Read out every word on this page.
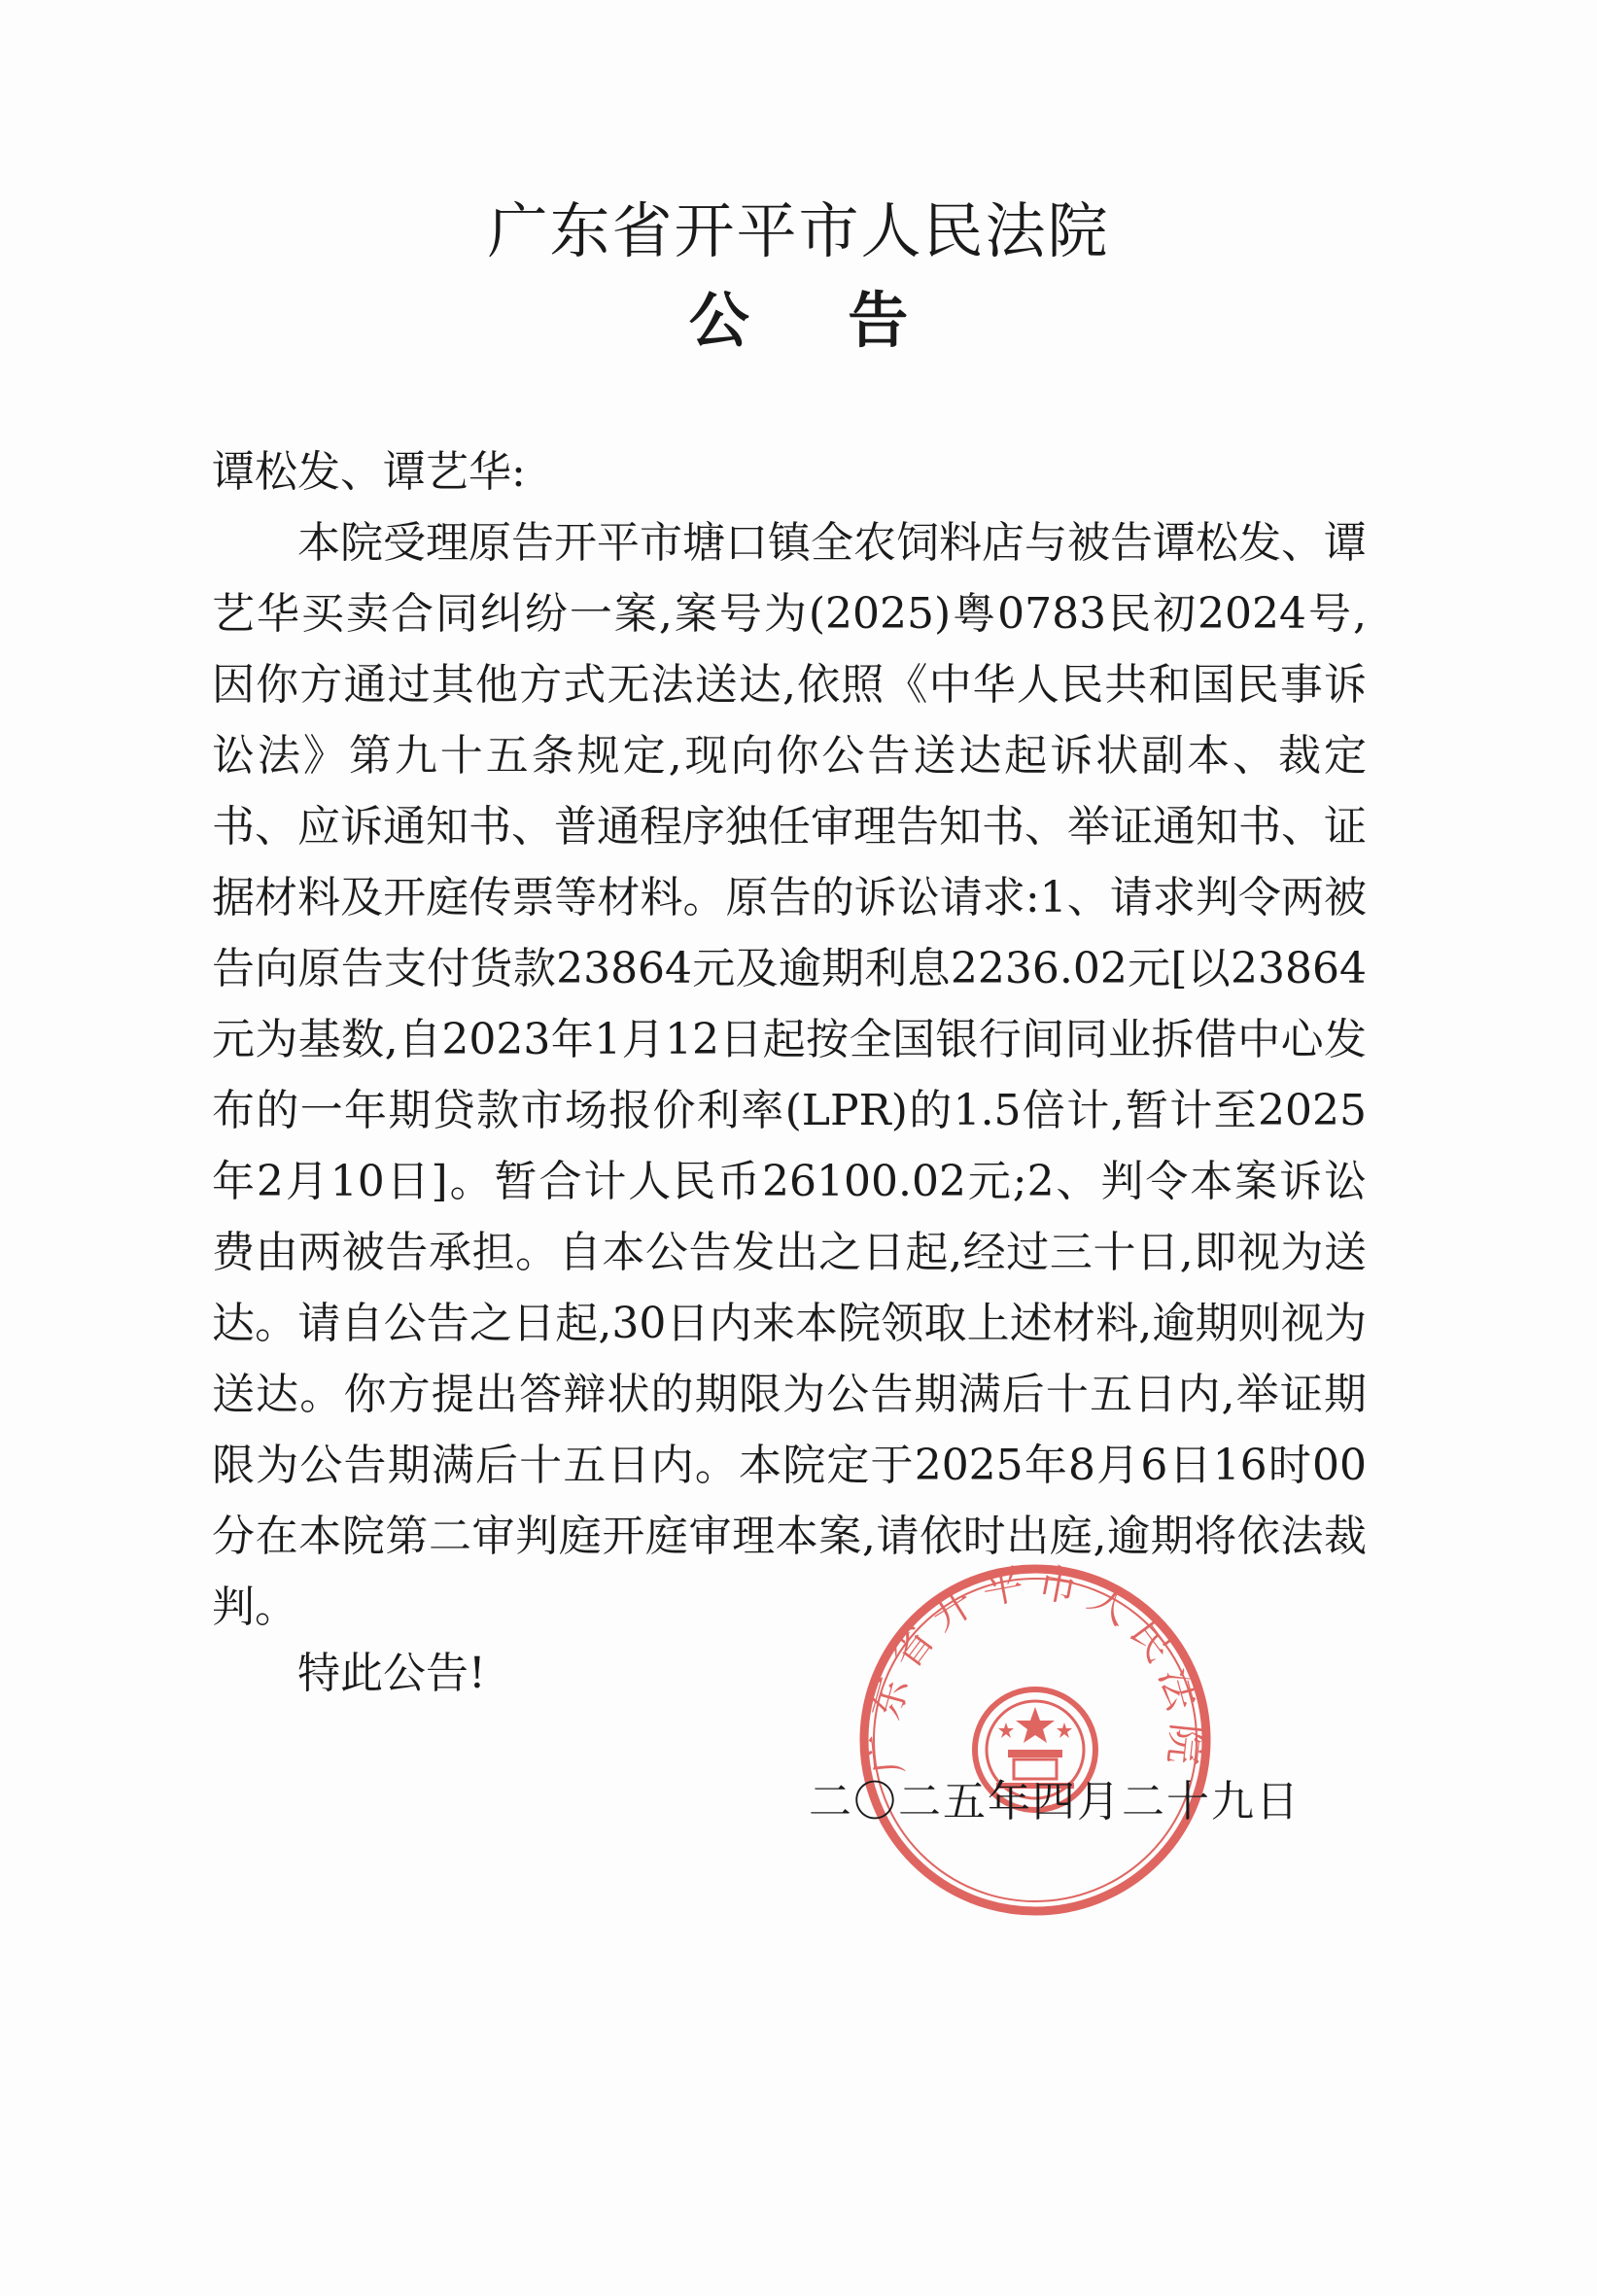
广东省开平市人民法院
公 告

谭松发、谭艺华:

本院受理原告开平市塘口镇全农饲料店与被告谭松发、谭艺华买卖合同纠纷一案,案号为(2025)粤0783民初2024号,因你方通过其他方式无法送达,依照《中华人民共和国民事诉讼法》第九十五条规定,现向你公告送达起诉状副本、裁定书、应诉通知书、普通程序独任审理告知书、举证通知书、证据材料及开庭传票等材料。原告的诉讼请求:1、请求判令两被告向原告支付货款23864元及逾期利息2236.02元[以23864元为基数,自2023年1月12日起按全国银行间同业拆借中心发布的一年期贷款市场报价利率(LPR)的1.5倍计,暂计至2025年2月10日]。暂合计人民币26100.02元;2、判令本案诉讼费由两被告承担。自本公告发出之日起,经过三十日,即视为送达。请自公告之日起,30日内来本院领取上述材料,逾期则视为送达。你方提出答辩状的期限为公告期满后十五日内,举证期限为公告期满后十五日内。本院定于2025年8月6日16时00分在本院第二审判庭开庭审理本案,请依时出庭,逾期将依法裁判。

特此公告!

广东省开平市人民法院

二〇二五年四月二十九日
